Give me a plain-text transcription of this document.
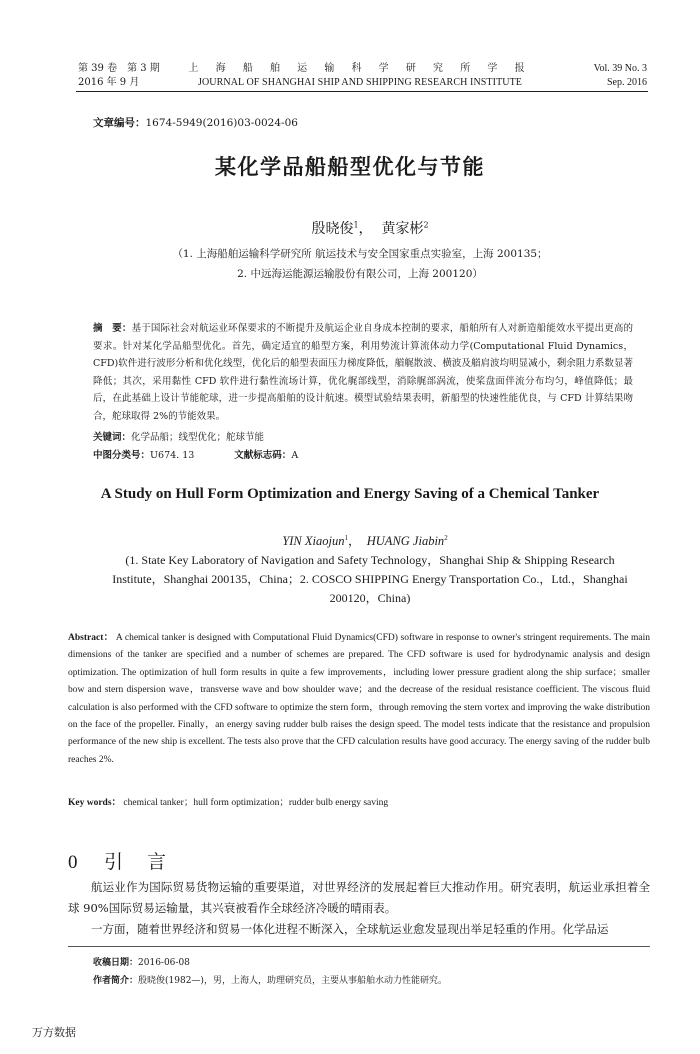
第 39 卷　第 3 期
2016 年 9 月
上 海 船 舶 运 输 科 学 研 究 所 学 报
JOURNAL OF SHANGHAI SHIP AND SHIPPING RESEARCH INSTITUTE
Vol. 39 No. 3
Sep. 2016
文章编号：1674-5949(2016)03-0024-06
某化学品船船型优化与节能
殷晓俊$^1$， 黄家彬$^2$
（1. 上海船舶运输科学研究所 航运技术与安全国家重点实验室，上海 200135；
2. 中远海运能源运输股份有限公司，上海 200120）
摘　要：基于国际社会对航运业环保要求的不断提升及航运企业自身成本控制的要求，船舶所有人对新造船能效水平提出更高的要求。针对某化学品船型优化。首先，确定适宜的船型方案，利用势流计算流体动力学(Computational Fluid Dynamics，CFD)软件进行波形分析和优化线型，优化后的船型表面压力梯度降低，艏艉散波、横波及艏肩波均明显减小，剩余阻力系数显著降低；其次，采用黏性 CFD 软件进行黏性流场计算，优化艉部线型，消除艉部涡流，使桨盘面伴流分布均匀，峰值降低；最后，在此基础上设计节能舵球，进一步提高船舶的设计航速。模型试验结果表明，新船型的快速性能优良，与 CFD 计算结果吻合，舵球取得 2%的节能效果。
关键词：化学品船；线型优化；舵球节能
中图分类号：U674. 13	文献标志码：A
A Study on Hull Form Optimization and Energy Saving of a Chemical Tanker
YIN Xiaojun$^1$， HUANG Jiabin$^2$
(1. State Key Laboratory of Navigation and Safety Technology，Shanghai Ship & Shipping Research Institute，Shanghai 200135，China；2. COSCO SHIPPING Energy Transportation Co.，Ltd.，Shanghai 200120，China)
Abstract： A chemical tanker is designed with Computational Fluid Dynamics(CFD) software in response to owner's stringent requirements. The main dimensions of the tanker are specified and a number of schemes are prepared. The CFD software is used for hydrodynamic analysis and design optimization. The optimization of hull form results in quite a few improvements，including lower pressure gradient along the ship surface；smaller bow and stern dispersion wave，transverse wave and bow shoulder wave；and the decrease of the residual resistance coefficient. The viscous fluid calculation is also performed with the CFD software to optimize the stern form，through removing the stern vortex and improving the wake distribution on the face of the propeller. Finally，an energy saving rudder bulb raises the design speed. The model tests indicate that the resistance and propulsion performance of the new ship is excellent. The tests also prove that the CFD calculation results have good accuracy. The energy saving of the rudder bulb reaches 2%.
Key words： chemical tanker；hull form optimization；rudder bulb energy saving
0 引言

航运业作为国际贸易货物运输的重要渠道，对世界经济的发展起着巨大推动作用。研究表明，航运业承担着全球 90%国际贸易运输量，其兴衰被看作全球经济冷暖的晴雨表。

一方面，随着世界经济和贸易一体化进程不断深入，全球航运业愈发显现出举足轻重的作用。化学品运

收稿日期：2016-06-08
作者简介：殷晓俊(1982—)，男，上海人，助理研究员，主要从事船舶水动力性能研究。
万方数据
